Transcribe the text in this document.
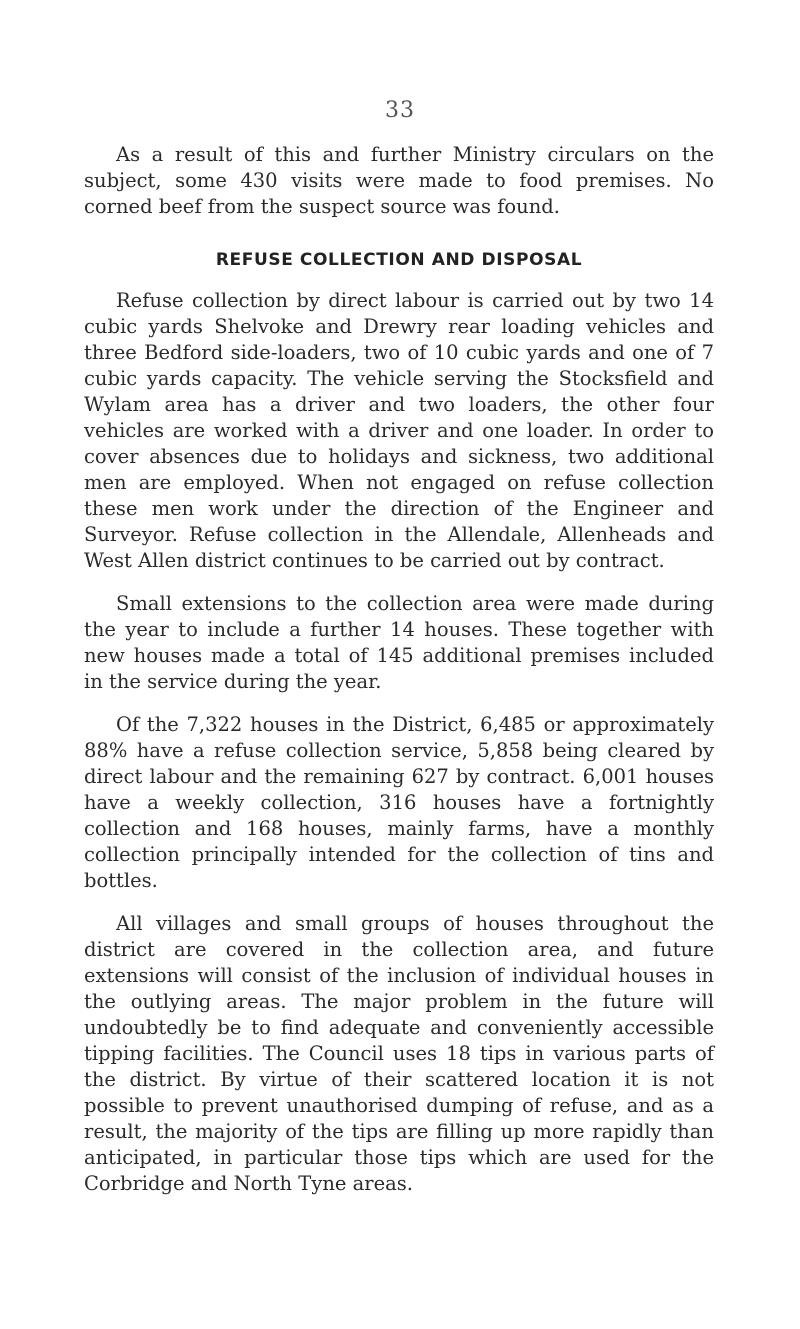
33

As a result of this and further Ministry circulars on the subject, some 430 visits were made to food premises. No corned beef from the suspect source was found.

REFUSE COLLECTION AND DISPOSAL

Refuse collection by direct labour is carried out by two 14 cubic yards Shelvoke and Drewry rear loading vehicles and three Bedford side-loaders, two of 10 cubic yards and one of 7 cubic yards capacity. The vehicle serving the Stocksfield and Wylam area has a driver and two loaders, the other four vehicles are worked with a driver and one loader. In order to cover absences due to holidays and sickness, two additional men are employed. When not engaged on refuse collection these men work under the direction of the Engineer and Surveyor. Refuse collection in the Allendale, Allenheads and West Allen district continues to be carried out by contract.

Small extensions to the collection area were made during the year to include a further 14 houses. These together with new houses made a total of 145 additional premises included in the service during the year.

Of the 7,322 houses in the District, 6,485 or approximately 88% have a refuse collection service, 5,858 being cleared by direct labour and the remaining 627 by contract. 6,001 houses have a weekly collection, 316 houses have a fortnightly collection and 168 houses, mainly farms, have a monthly collection principally intended for the collection of tins and bottles.

All villages and small groups of houses throughout the district are covered in the collection area, and future extensions will consist of the inclusion of individual houses in the outlying areas. The major problem in the future will undoubtedly be to find adequate and conveniently accessible tipping facilities. The Council uses 18 tips in various parts of the district. By virtue of their scattered location it is not possible to prevent unauthorised dumping of refuse, and as a result, the majority of the tips are filling up more rapidly than anticipated, in particular those tips which are used for the Corbridge and North Tyne areas.
